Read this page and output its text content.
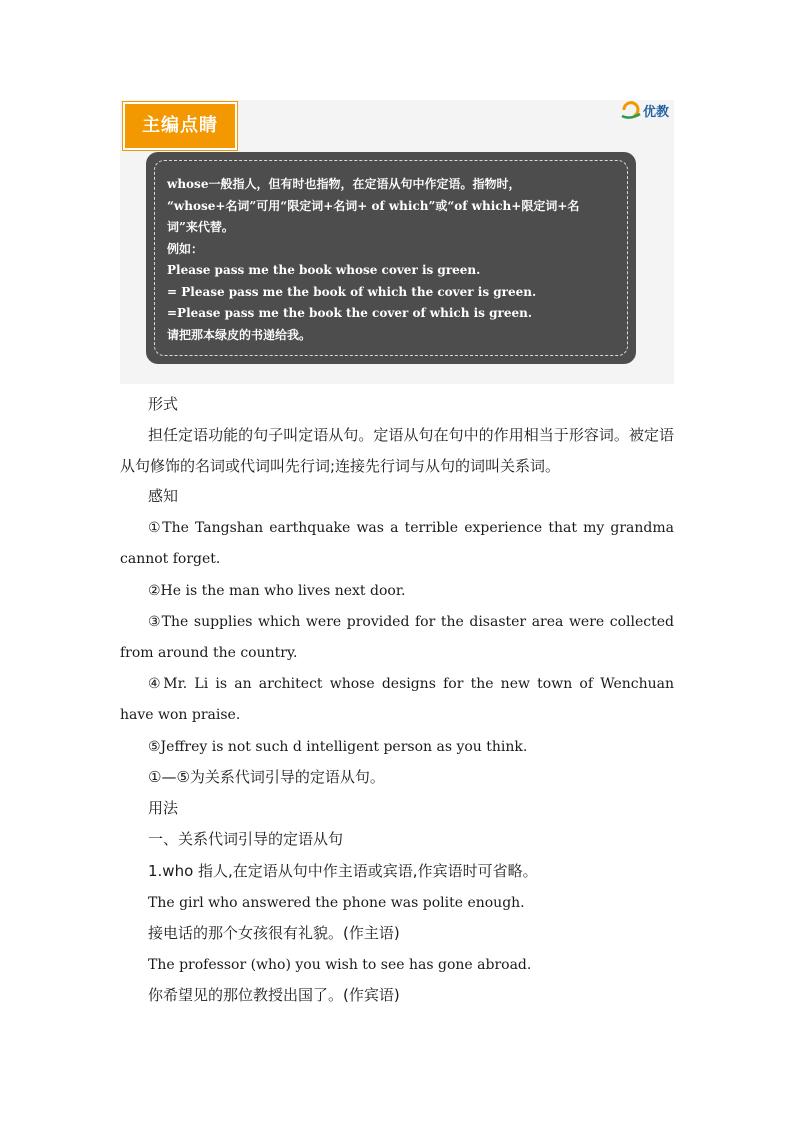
主编点睛
优教
whose一般指人，但有时也指物，在定语从句中作定语。指物时，
“whose+名词”可用“限定词+名词+ of which”或“of which+限定词+名
词”来代替。
例如：
Please pass me the book whose cover is green.
= Please pass me the book of which the cover is green.
=Please pass me the book the cover of which is green.
请把那本绿皮的书递给我。
形式
担任定语功能的句子叫定语从句。定语从句在句中的作用相当于形容词。被定语从句修饰的名词或代词叫先行词;连接先行词与从句的词叫关系词。
感知
①The Tangshan earthquake was a terrible experience that my grandma cannot forget.
②He is the man who lives next door.
③The supplies which were provided for the disaster area were collected from around the country.
④Mr. Li is an architect whose designs for the new town of Wenchuan have won praise.
⑤Jeffrey is not such d intelligent person as you think.
①—⑤为关系代词引导的定语从句。
用法
一、关系代词引导的定语从句
1.who 指人,在定语从句中作主语或宾语,作宾语时可省略。
The girl who answered the phone was polite enough.
接电话的那个女孩很有礼貌。(作主语)
The professor (who) you wish to see has gone abroad.
你希望见的那位教授出国了。(作宾语)
